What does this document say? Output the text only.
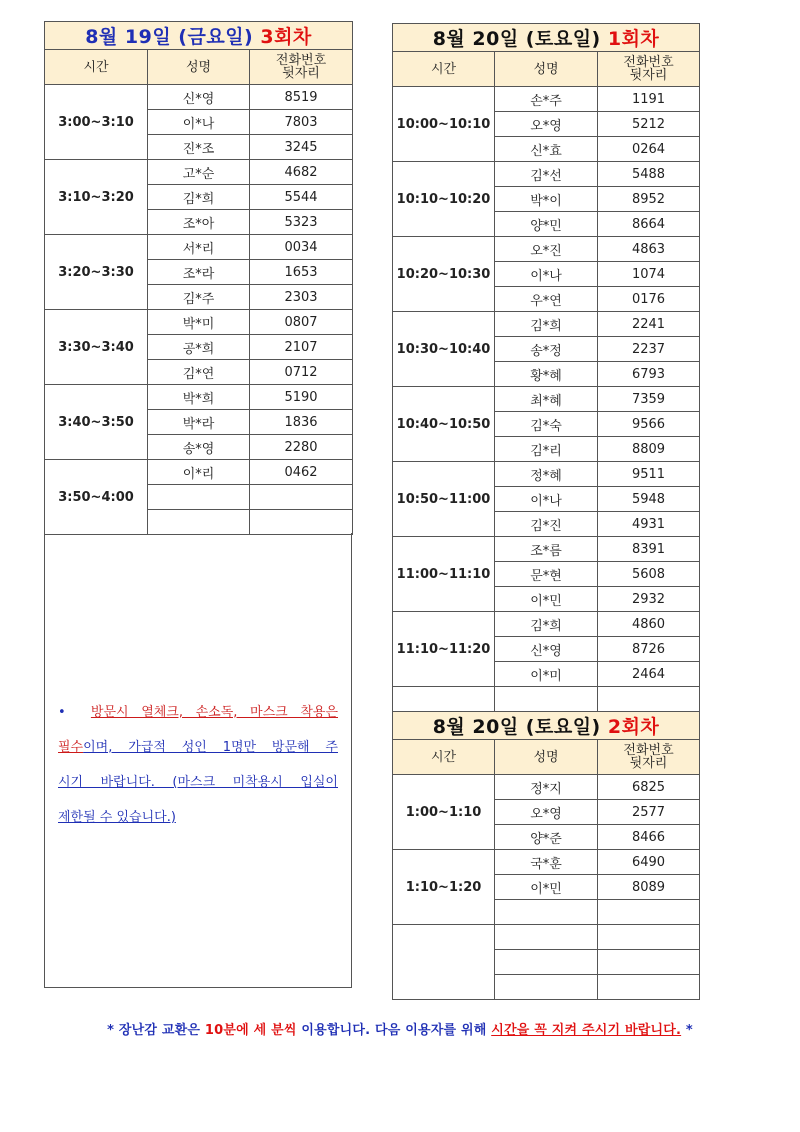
8월 19일 (금요일) 3회차		
시간	성명	전화번호
뒷자리
3:00~3:10	신*영	8519
	이*나	7803
	진*조	3245
3:10~3:20	고*순	4682
	김*희	5544
	조*아	5323
3:20~3:30	서*리	0034
	조*라	1653
	김*주	2303
3:30~3:40	박*미	0807
	공*희	2107
	김*연	0712
3:40~3:50	박*희	5190
	박*라	1836
	송*영	2280
3:50~4:00	이*리	0462

• 방문시 열체크, 손소독, 마스크 착용은
필수이며, 가급적 성인 1명만 방문해 주
시기 바랍니다. (마스크 미착용시 입실이
제한될 수 있습니다.)
8월 20일 (토요일) 1회차		
시간	성명	전화번호
뒷자리
10:00~10:10	손*주	1191
	오*영	5212
	신*효	0264
10:10~10:20	김*선	5488
	박*이	8952
	양*민	8664
10:20~10:30	오*진	4863
	이*나	1074
	우*연	0176
10:30~10:40	김*희	2241
	송*정	2237
	황*혜	6793
10:40~10:50	최*혜	7359
	김*숙	9566
	김*리	8809
10:50~11:00	정*혜	9511
	이*나	5948
	김*진	4931
11:00~11:10	조*름	8391
	문*현	5608
	이*민	2932
11:10~11:20	김*희	4860
	신*영	8726
	이*미	2464

8월 20일 (토요일) 2회차		
시간	성명	전화번호
뒷자리
1:00~1:10	정*지	6825
	오*영	2577
	양*준	8466
1:10~1:20	국*훈	6490
	이*민	8089

* 장난감 교환은 10분에 세 분씩 이용합니다. 다음 이용자를 위해 시간을 꼭 지켜 주시기 바랍니다. *
